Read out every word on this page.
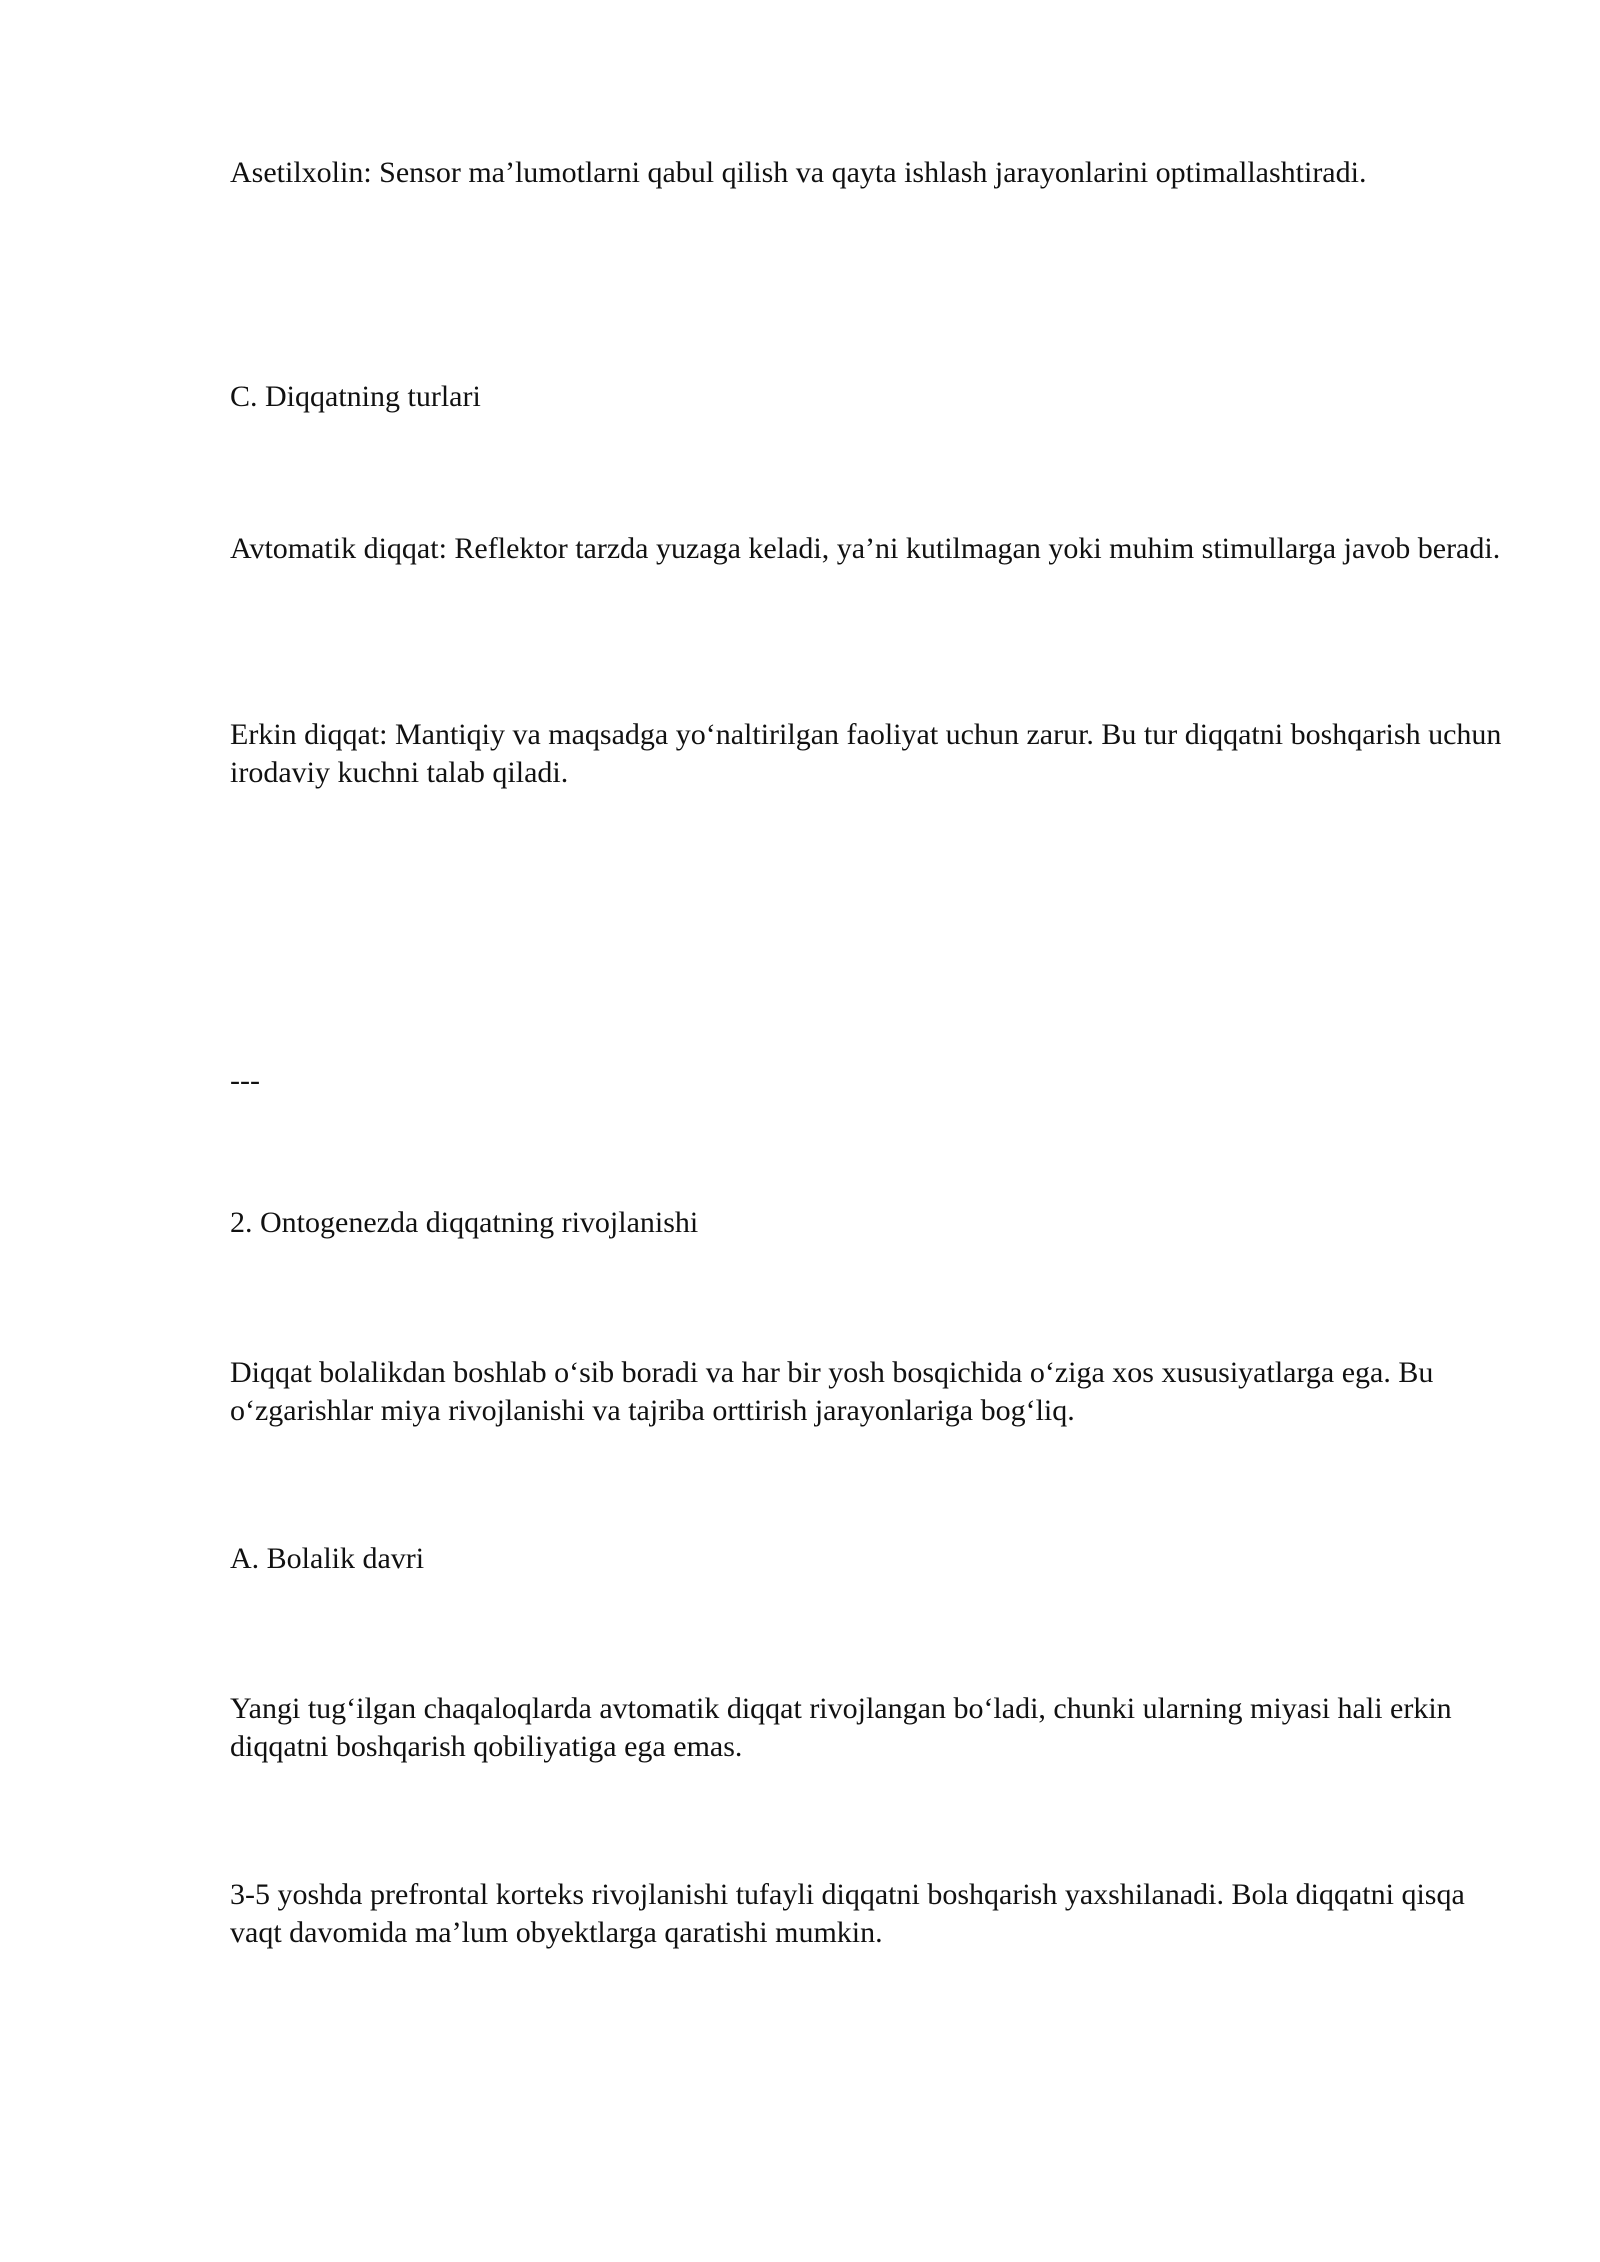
Asetilxolin: Sensor ma’lumotlarni qabul qilish va qayta ishlash jarayonlarini optimallashtiradi.

C. Diqqatning turlari

Avtomatik diqqat: Reflektor tarzda yuzaga keladi, ya’ni kutilmagan yoki muhim stimullarga javob beradi.

Erkin diqqat: Mantiqiy va maqsadga yo‘naltirilgan faoliyat uchun zarur. Bu tur diqqatni boshqarish uchun irodaviy kuchni talab qiladi.

---

2. Ontogenezda diqqatning rivojlanishi

Diqqat bolalikdan boshlab o‘sib boradi va har bir yosh bosqichida o‘ziga xos xususiyatlarga ega. Bu o‘zgarishlar miya rivojlanishi va tajriba orttirish jarayonlariga bog‘liq.

A. Bolalik davri

Yangi tug‘ilgan chaqaloqlarda avtomatik diqqat rivojlangan bo‘ladi, chunki ularning miyasi hali erkin diqqatni boshqarish qobiliyatiga ega emas.

3-5 yoshda prefrontal korteks rivojlanishi tufayli diqqatni boshqarish yaxshilanadi. Bola diqqatni qisqa vaqt davomida ma’lum obyektlarga qaratishi mumkin.
